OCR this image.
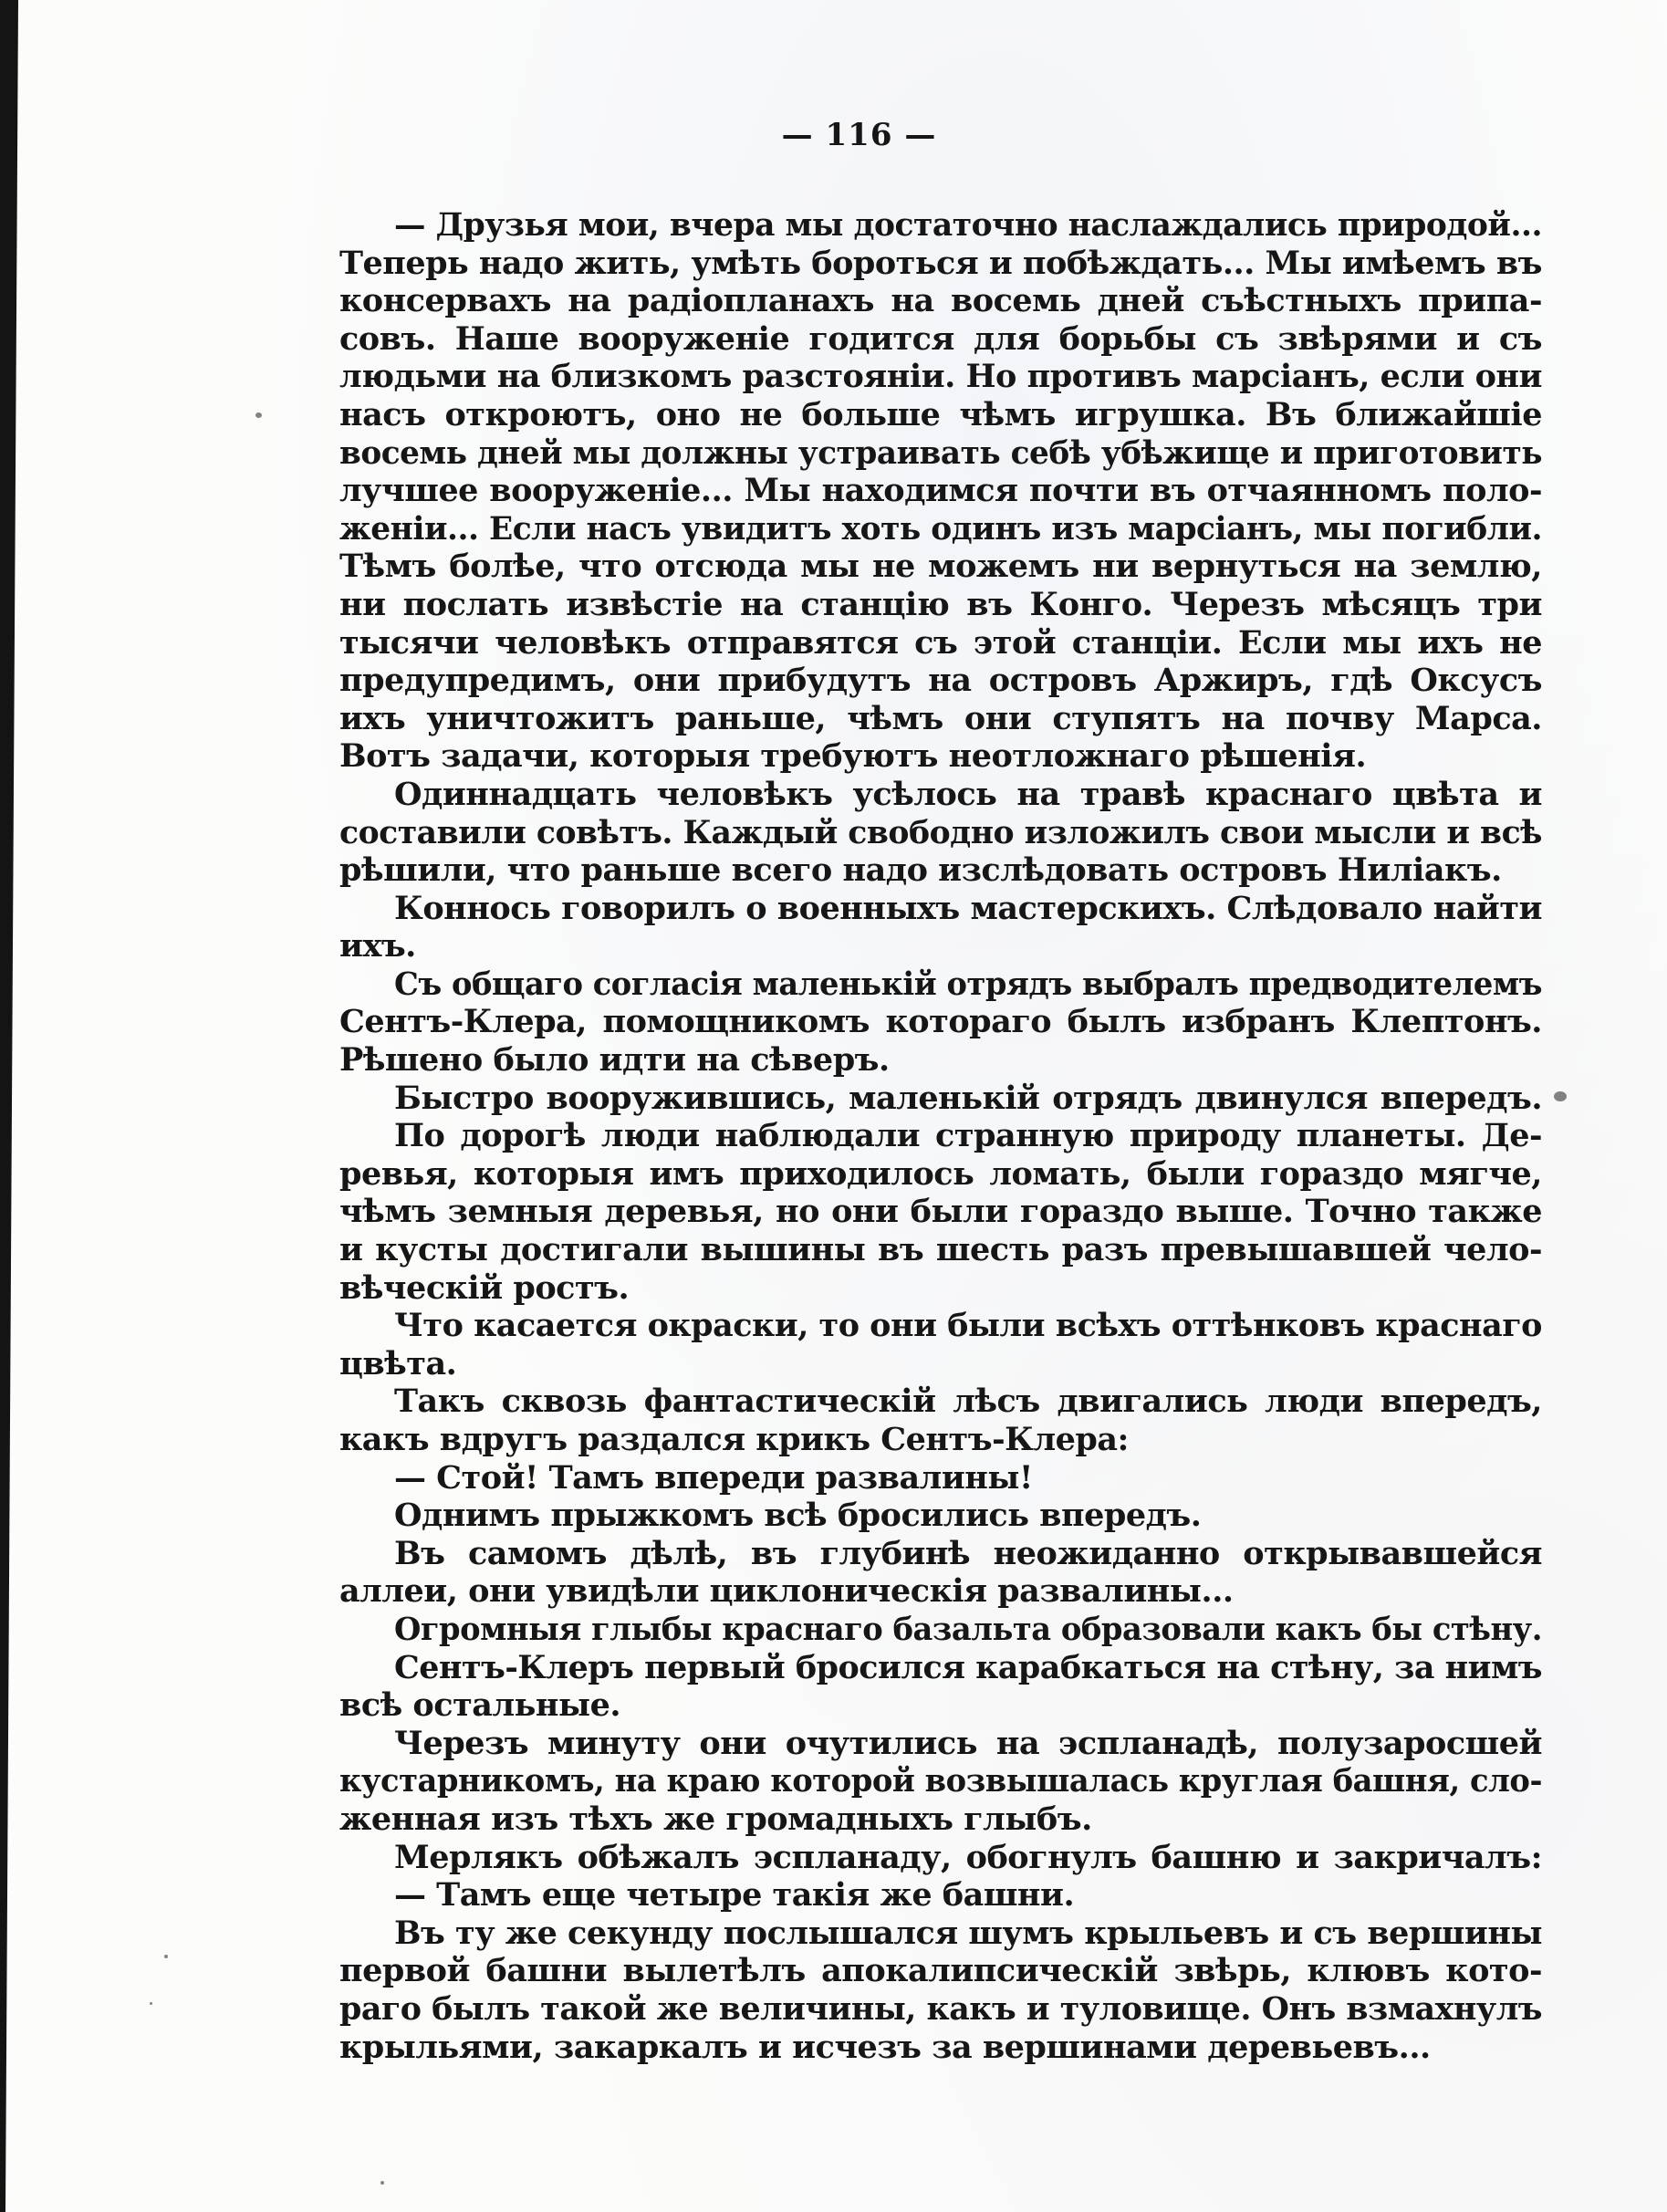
— 116 —
— Друзья мои, вчера мы достаточно наслаждались природой...
Теперь надо жить, умѣть бороться и побѣждать... Мы имѣемъ въ
консервахъ на радіопланахъ на восемь дней съѣстныхъ припа-
совъ. Наше вооруженіе годится для борьбы съ звѣрями и съ
людьми на близкомъ разстояніи. Но противъ марсіанъ, если они
насъ откроютъ, оно не больше чѣмъ игрушка. Въ ближайшіе
восемь дней мы должны устраивать себѣ убѣжище и приготовить
лучшее вооруженіе... Мы находимся почти въ отчаянномъ поло-
женіи... Если насъ увидитъ хоть одинъ изъ марсіанъ, мы погибли.
Тѣмъ болѣе, что отсюда мы не можемъ ни вернуться на землю,
ни послать извѣстіе на станцію въ Конго. Черезъ мѣсяцъ три
тысячи человѣкъ отправятся съ этой станціи. Если мы ихъ не
предупредимъ, они прибудутъ на островъ Аржиръ, гдѣ Оксусъ
ихъ уничтожитъ раньше, чѣмъ они ступятъ на почву Марса.
Вотъ задачи, которыя требуютъ неотложнаго рѣшенія.
Одиннадцать человѣкъ усѣлось на травѣ краснаго цвѣта и
составили совѣтъ. Каждый свободно изложилъ свои мысли и всѣ
рѣшили, что раньше всего надо изслѣдовать островъ Нилiакъ.
Коннось говорилъ о военныхъ мастерскихъ. Слѣдовало найти
ихъ.
Съ общаго согласія маленькій отрядъ выбралъ предводителемъ
Сентъ-Клера, помощникомъ котораго былъ избранъ Клептонъ.
Рѣшено было идти на сѣверъ.
Быстро вооружившись, маленькій отрядъ двинулся впередъ.
По дорогѣ люди наблюдали странную природу планеты. Де-
ревья, которыя имъ приходилось ломать, были гораздо мягче,
чѣмъ земныя деревья, но они были гораздо выше. Точно также
и кусты достигали вышины въ шесть разъ превышавшей чело-
вѣческій ростъ.
Что касается окраски, то они были всѣхъ оттѣнковъ краснаго
цвѣта.
Такъ сквозь фантастическій лѣсъ двигались люди впередъ,
какъ вдругъ раздался крикъ Сентъ-Клера:
— Стой! Тамъ впереди развалины!
Однимъ прыжкомъ всѣ бросились впередъ.
Въ самомъ дѣлѣ, въ глубинѣ неожиданно открывавшейся
аллеи, они увидѣли циклоническія развалины...
Огромныя глыбы краснаго базальта образовали какъ бы стѣну.
Сентъ-Клеръ первый бросился карабкаться на стѣну, за нимъ
всѣ остальные.
Черезъ минуту они очутились на эспланадѣ, полузаросшей
кустарникомъ, на краю которой возвышалась круглая башня, сло-
женная изъ тѣхъ же громадныхъ глыбъ.
Мерлякъ обѣжалъ эспланаду, обогнулъ башню и закричалъ:
— Тамъ еще четыре такія же башни.
Въ ту же секунду послышался шумъ крыльевъ и съ вершины
первой башни вылетѣлъ апокалипсическій звѣрь, клювъ кото-
раго былъ такой же величины, какъ и туловище. Онъ взмахнулъ
крыльями, закаркалъ и исчезъ за вершинами деревьевъ...
